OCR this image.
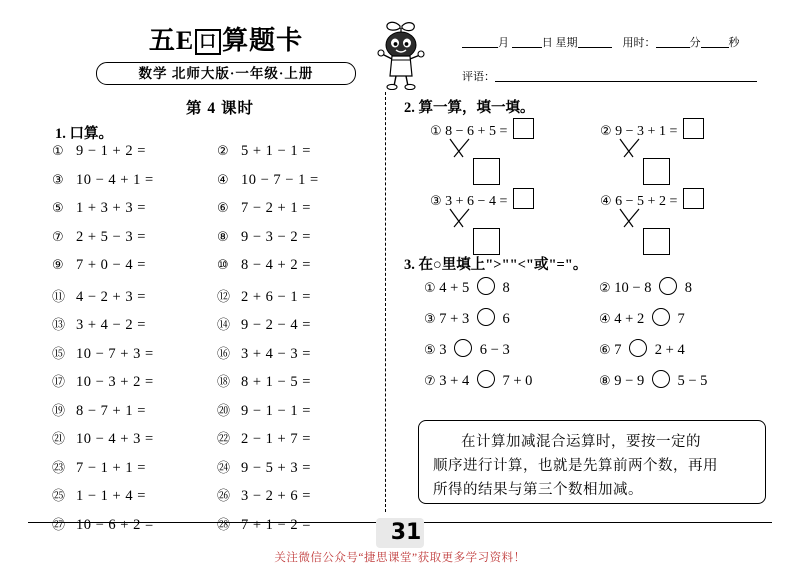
五E 口 算题卡
数学 北师大版·一年级·上册
月	日 星期	用时：	分	秒
评语：
第 4 课时
1. 口算。
① 9 − 1 + 2 =	② 5 + 1 − 1 =
③ 10 − 4 + 1 =	④ 10 − 7 − 1 =
⑤ 1 + 3 + 3 =	⑥ 7 − 2 + 1 =
⑦ 2 + 5 − 3 =	⑧ 9 − 3 − 2 =
⑨ 7 + 0 − 4 =	⑩ 8 − 4 + 2 =
⑪ 4 − 2 + 3 =	⑫ 2 + 6 − 1 =
⑬ 3 + 4 − 2 =	⑭ 9 − 2 − 4 =
⑮ 10 − 7 + 3 =	⑯ 3 + 4 − 3 =
⑰ 10 − 3 + 2 =	⑱ 8 + 1 − 5 =
⑲ 8 − 7 + 1 =	⑳ 9 − 1 − 1 =
㉑ 10 − 4 + 3 =	㉒ 2 − 1 + 7 =
㉓ 7 − 1 + 1 =	㉔ 9 − 5 + 3 =
㉕ 1 − 1 + 4 =	㉖ 3 − 2 + 6 =
㉗ 10 − 6 + 2 =	㉘ 7 + 1 − 2 =
2. 算一算，填一填。
① 8 − 6 + 5 =	② 9 − 3 + 1 =
③ 3 + 6 − 4 =	④ 6 − 5 + 2 =
3. 在○里填上">""<"或"="。
① 4 + 5 8	② 10 − 8 8
③ 7 + 3 6	④ 4 + 2 7
⑤ 3 6 − 3	⑥ 7 2 + 4
⑦ 3 + 4 7 + 0	⑧ 9 − 9 5 − 5
在计算加减混合运算时，要按一定的
顺序进行计算，也就是先算前两个数，再用
所得的结果与第三个数相加减。
31
关注微信公众号“捷思课堂”获取更多学习资料！
